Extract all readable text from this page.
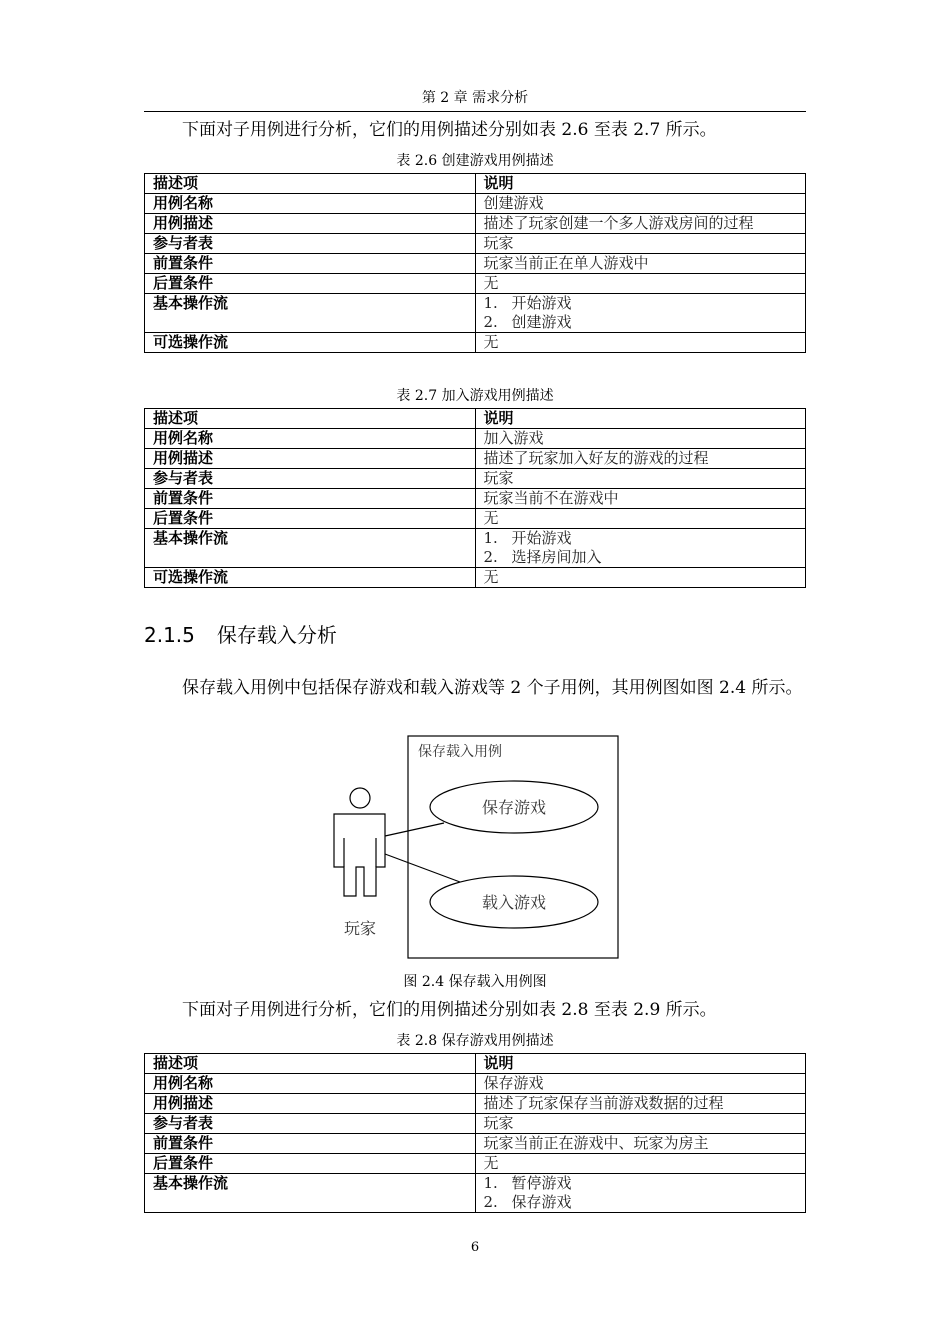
第 2 章 需求分析
下面对子用例进行分析，它们的用例描述分别如表 2.6 至表 2.7 所示。
表 2.6 创建游戏用例描述
描述项	说明
用例名称	创建游戏
用例描述	描述了玩家创建一个多人游戏房间的过程
参与者表	玩家
前置条件	玩家当前正在单人游戏中
后置条件	无
基本操作流	1. 开始游戏
2. 创建游戏

可选操作流	无
表 2.7 加入游戏用例描述
描述项	说明
用例名称	加入游戏
用例描述	描述了玩家加入好友的游戏的过程
参与者表	玩家
前置条件	玩家当前不在游戏中
后置条件	无
基本操作流	1. 开始游戏
2. 选择房间加入

可选操作流	无
2.1.5 保存载入分析
保存载入用例中包括保存游戏和载入游戏等 2 个子用例，其用例图如图 2.4 所示。
保存载入用例
保存游戏
载入游戏
玩家
图 2.4 保存载入用例图
下面对子用例进行分析，它们的用例描述分别如表 2.8 至表 2.9 所示。
表 2.8 保存游戏用例描述
描述项	说明
用例名称	保存游戏
用例描述	描述了玩家保存当前游戏数据的过程
参与者表	玩家
前置条件	玩家当前正在游戏中、玩家为房主
后置条件	无
基本操作流	1. 暂停游戏
2. 保存游戏
6
